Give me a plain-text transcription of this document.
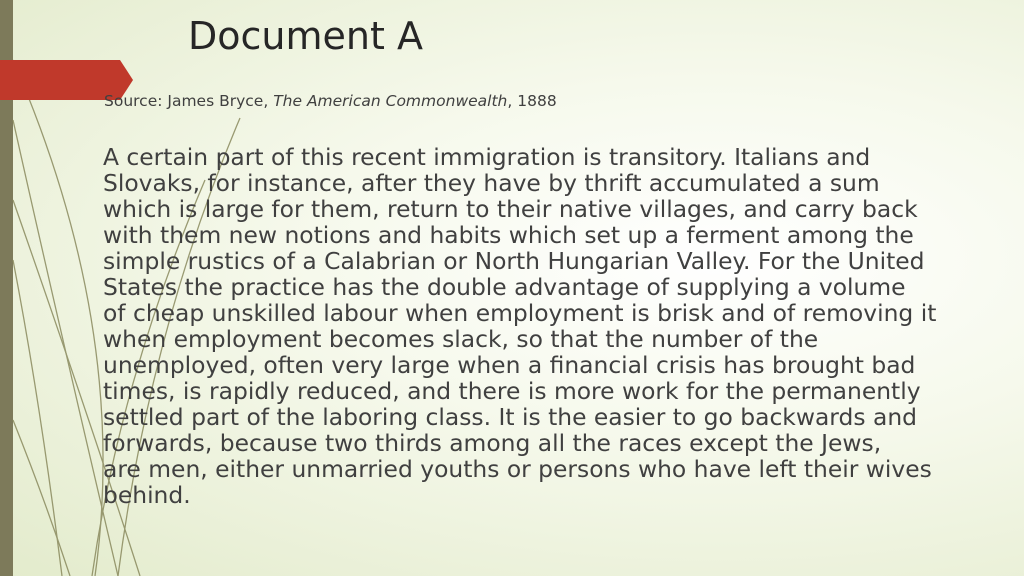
Document A
Source: James Bryce, The American Commonwealth, 1888

A certain part of this recent immigration is transitory. Italians and
Slovaks, for instance, after they have by thrift accumulated a sum
which is large for them, return to their native villages, and carry back
with them new notions and habits which set up a ferment among the
simple rustics of a Calabrian or North Hungarian Valley. For the United
States the practice has the double advantage of supplying a volume
of cheap unskilled labour when employment is brisk and of removing it
when employment becomes slack, so that the number of the
unemployed, often very large when a financial crisis has brought bad
times, is rapidly reduced, and there is more work for the permanently
settled part of the laboring class. It is the easier to go backwards and
forwards, because two thirds among all the races except the Jews,
are men, either unmarried youths or persons who have left their wives
behind.
